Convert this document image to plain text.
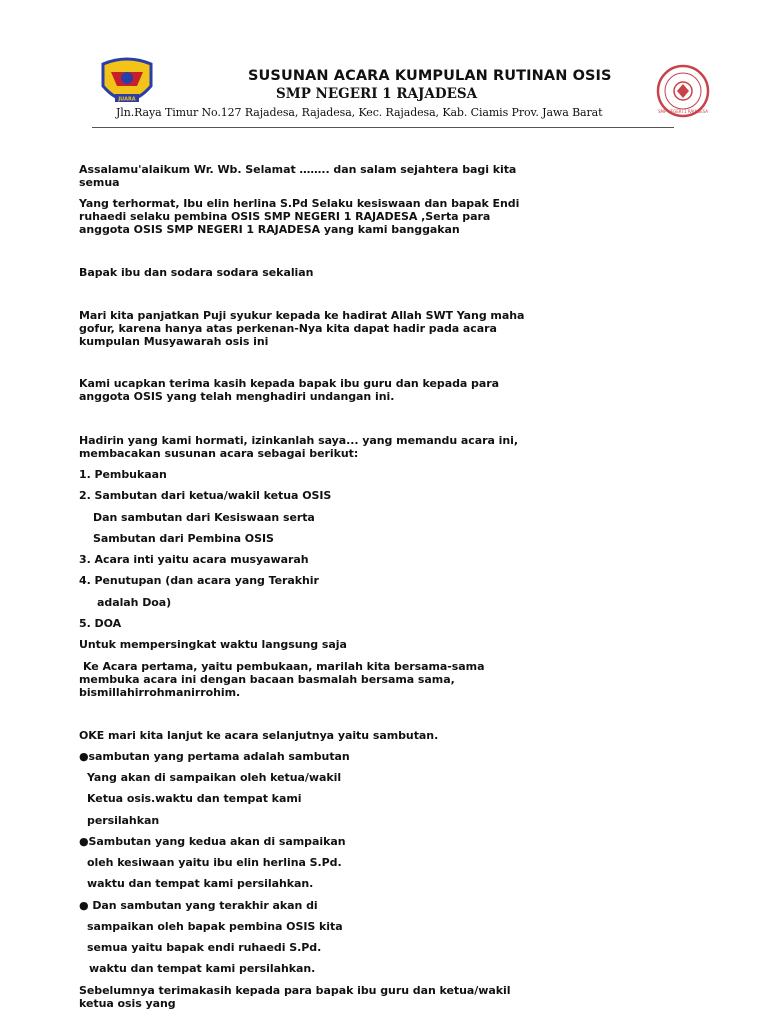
JUARA
SMP NEGERI 1 RAJADESA
SUSUNAN ACARA KUMPULAN RUTINAN OSIS
SMP NEGERI 1 RAJADESA
Jln.Raya Timur No.127 Rajadesa, Rajadesa, Kec. Rajadesa, Kab. Ciamis Prov. Jawa Barat
Assalamu'alaikum Wr. Wb. Selamat …….. dan salam sejahtera bagi kita
semua
Yang terhormat, Ibu elin herlina S.Pd Selaku kesiswaan dan bapak Endi
ruhaedi selaku pembina OSIS SMP NEGERI 1 RAJADESA ,Serta para
anggota OSIS SMP NEGERI 1 RAJADESA yang kami banggakan
Bapak ibu dan sodara sodara sekalian
Mari kita panjatkan Puji syukur kepada ke hadirat Allah SWT Yang maha
gofur, karena hanya atas perkenan-Nya kita dapat hadir pada acara
kumpulan Musyawarah osis ini
Kami ucapkan terima kasih kepada bapak ibu guru dan kepada para
anggota OSIS yang telah menghadiri undangan ini.
Hadirin yang kami hormati, izinkanlah saya... yang memandu acara ini,
membacakan susunan acara sebagai berikut:
1. Pembukaan
2. Sambutan dari ketua/wakil ketua OSIS
Dan sambutan dari Kesiswaan serta
Sambutan dari Pembina OSIS
3. Acara inti yaitu acara musyawarah
4. Penutupan (dan acara yang Terakhir
adalah Doa)
5. DOA
Untuk mempersingkat waktu langsung saja
Ke Acara pertama, yaitu pembukaan, marilah kita bersama-sama
membuka acara ini dengan bacaan basmalah bersama sama,
bismillahirrohmanirrohim.
OKE mari kita lanjut ke acara selanjutnya yaitu sambutan.
●sambutan yang pertama adalah sambutan
Yang akan di sampaikan oleh ketua/wakil
Ketua osis.waktu dan tempat kami
persilahkan
●Sambutan yang kedua akan di sampaikan
oleh kesiwaan yaitu ibu elin herlina S.Pd.
waktu dan tempat kami persilahkan.
● Dan sambutan yang terakhir akan di
sampaikan oleh bapak pembina OSIS kita
semua yaitu bapak endi ruhaedi S.Pd.
waktu dan tempat kami persilahkan.
Sebelumnya terimakasih kepada para bapak ibu guru dan ketua/wakil
ketua osis yang
